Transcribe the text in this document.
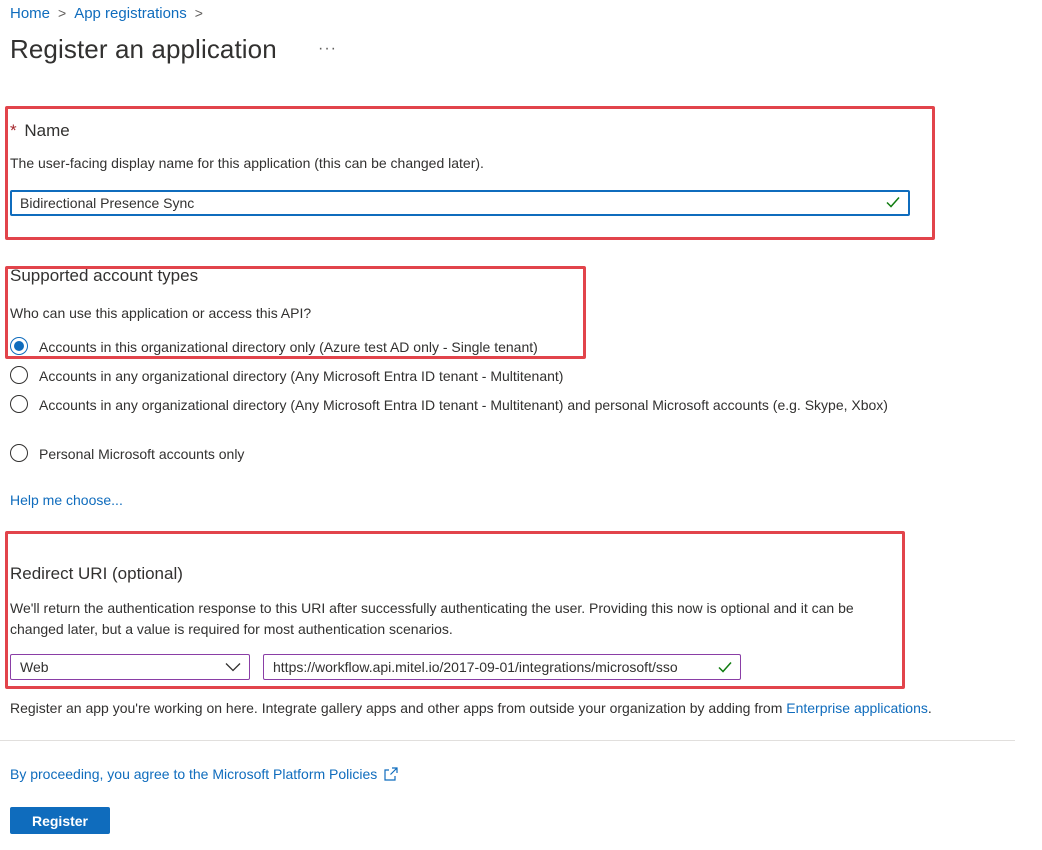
Home > App registrations >
Register an application	···
* Name
The user-facing display name for this application (this can be changed later).
Bidirectional Presence Sync
Supported account types
Who can use this application or access this API?
Accounts in this organizational directory only (Azure test AD only - Single tenant)
Accounts in any organizational directory (Any Microsoft Entra ID tenant - Multitenant)
Accounts in any organizational directory (Any Microsoft Entra ID tenant - Multitenant) and personal Microsoft accounts (e.g. Skype, Xbox)
Personal Microsoft accounts only
Help me choose...
Redirect URI (optional)
We'll return the authentication response to this URI after successfully authenticating the user. Providing this now is optional and it can be changed later, but a value is required for most authentication scenarios.
Web	https://workflow.api.mitel.io/2017-09-01/integrations/microsoft/sso
Register an app you're working on here. Integrate gallery apps and other apps from outside your organization by adding from Enterprise applications.
By proceeding, you agree to the Microsoft Platform Policies
Register
